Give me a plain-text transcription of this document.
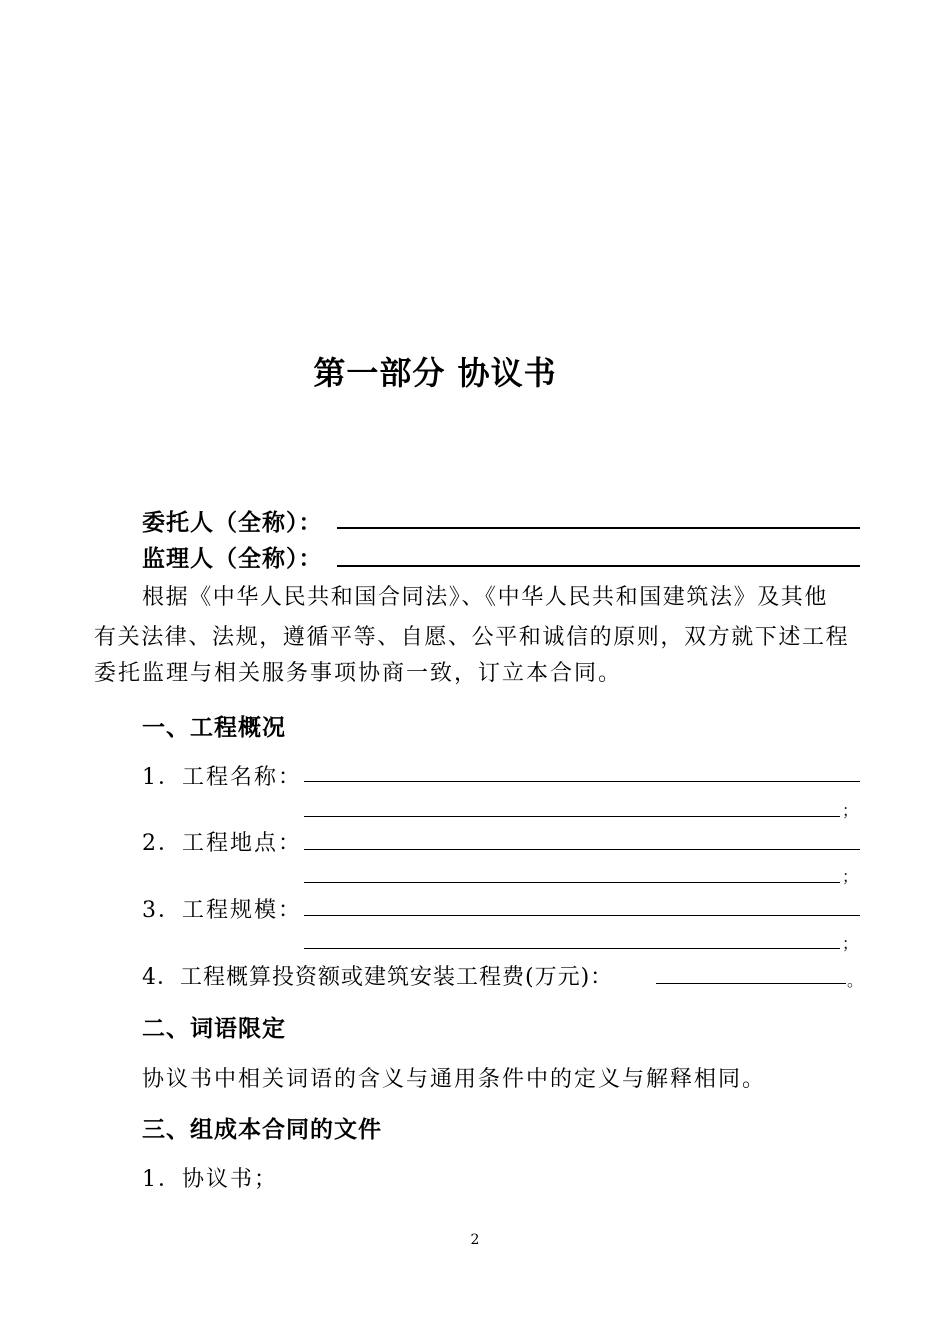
第一部分 协议书
委托人（全称）：
监理人（全称）：
根据《中华人民共和国合同法》、《中华人民共和国建筑法》及其他
有关法律、法规，遵循平等、自愿、公平和诚信的原则，双方就下述工程
委托监理与相关服务事项协商一致，订立本合同。
一、工程概况
1．工程名称：
；
2．工程地点：
；
3．工程规模：
；
4．工程概算投资额或建筑安装工程费(万元)：	。
二、词语限定
协议书中相关词语的含义与通用条件中的定义与解释相同。
三、组成本合同的文件
1．协议书；
2
